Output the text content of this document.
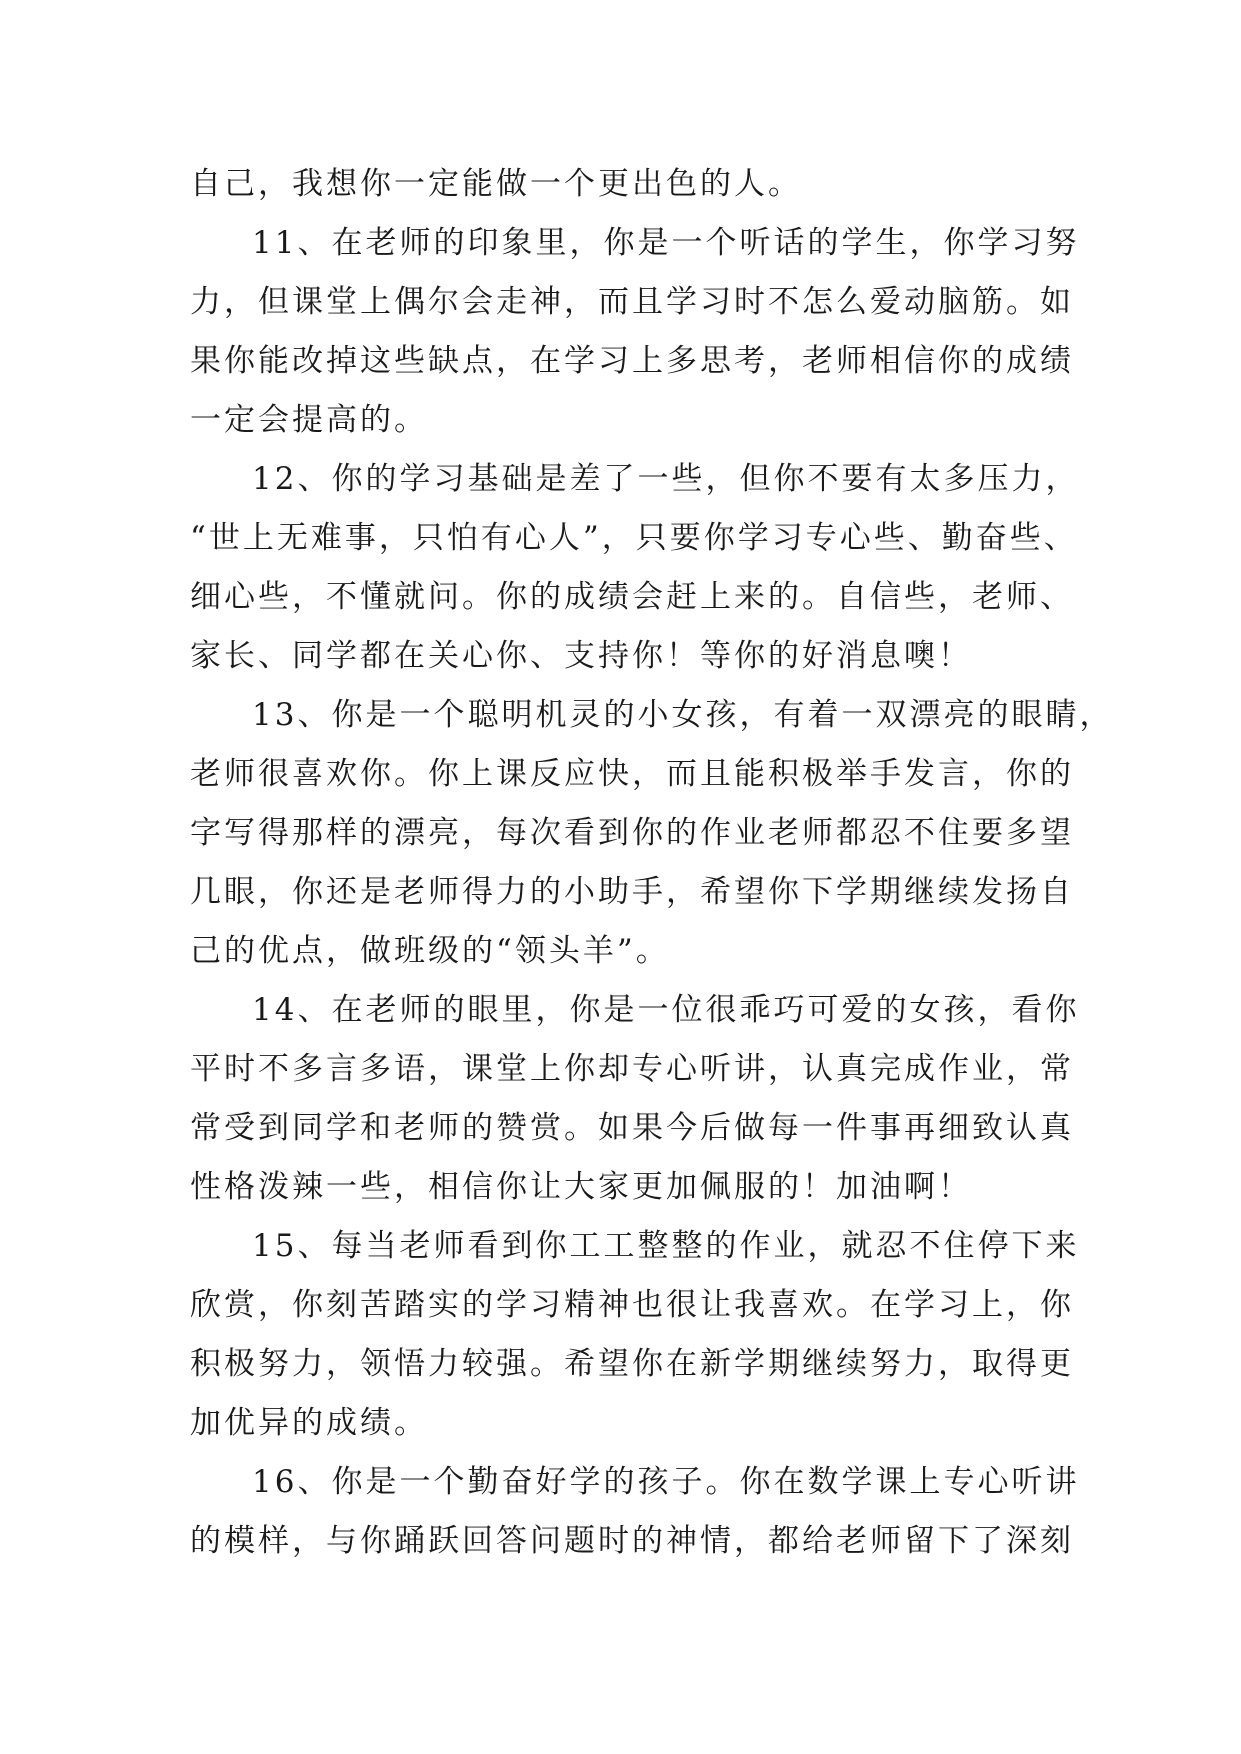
自己，我想你一定能做一个更出色的人。
11、在老师的印象里，你是一个听话的学生，你学习努
力，但课堂上偶尔会走神，而且学习时不怎么爱动脑筋。如
果你能改掉这些缺点，在学习上多思考，老师相信你的成绩
一定会提高的。
12、你的学习基础是差了一些，但你不要有太多压力，
“世上无难事，只怕有心人”，只要你学习专心些、勤奋些、
细心些，不懂就问。你的成绩会赶上来的。自信些，老师、
家长、同学都在关心你、支持你！等你的好消息噢！
13、你是一个聪明机灵的小女孩，有着一双漂亮的眼睛，
老师很喜欢你。你上课反应快，而且能积极举手发言，你的
字写得那样的漂亮，每次看到你的作业老师都忍不住要多望
几眼，你还是老师得力的小助手，希望你下学期继续发扬自
己的优点，做班级的“领头羊”。
14、在老师的眼里，你是一位很乖巧可爱的女孩，看你
平时不多言多语，课堂上你却专心听讲，认真完成作业，常
常受到同学和老师的赞赏。如果今后做每一件事再细致认真
性格泼辣一些，相信你让大家更加佩服的！加油啊！
15、每当老师看到你工工整整的作业，就忍不住停下来
欣赏，你刻苦踏实的学习精神也很让我喜欢。在学习上，你
积极努力，领悟力较强。希望你在新学期继续努力，取得更
加优异的成绩。
16、你是一个勤奋好学的孩子。你在数学课上专心听讲
的模样，与你踊跃回答问题时的神情，都给老师留下了深刻
